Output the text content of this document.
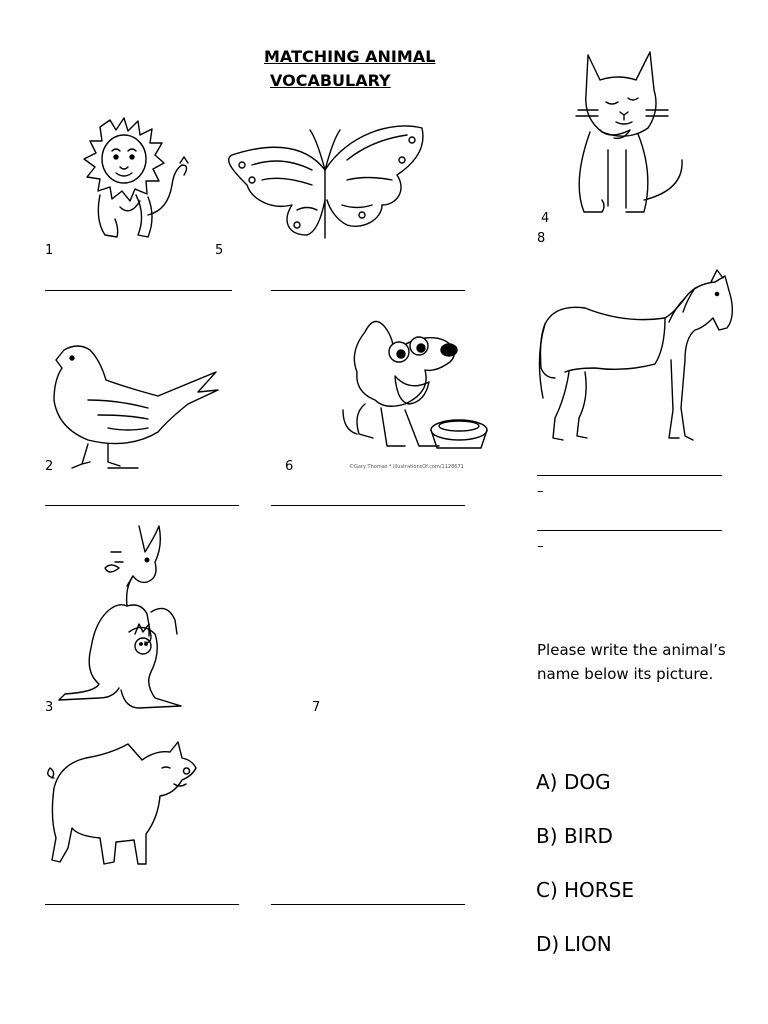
MATCHING ANIMAL
VOCABULARY
1	5
4
8
2	©Gary Thomas * illustrationsOf.com/1128671
6
–
–
3	7
Please write the animal’s name below its picture.
A) DOG
B) BIRD
C) HORSE
D) LION
